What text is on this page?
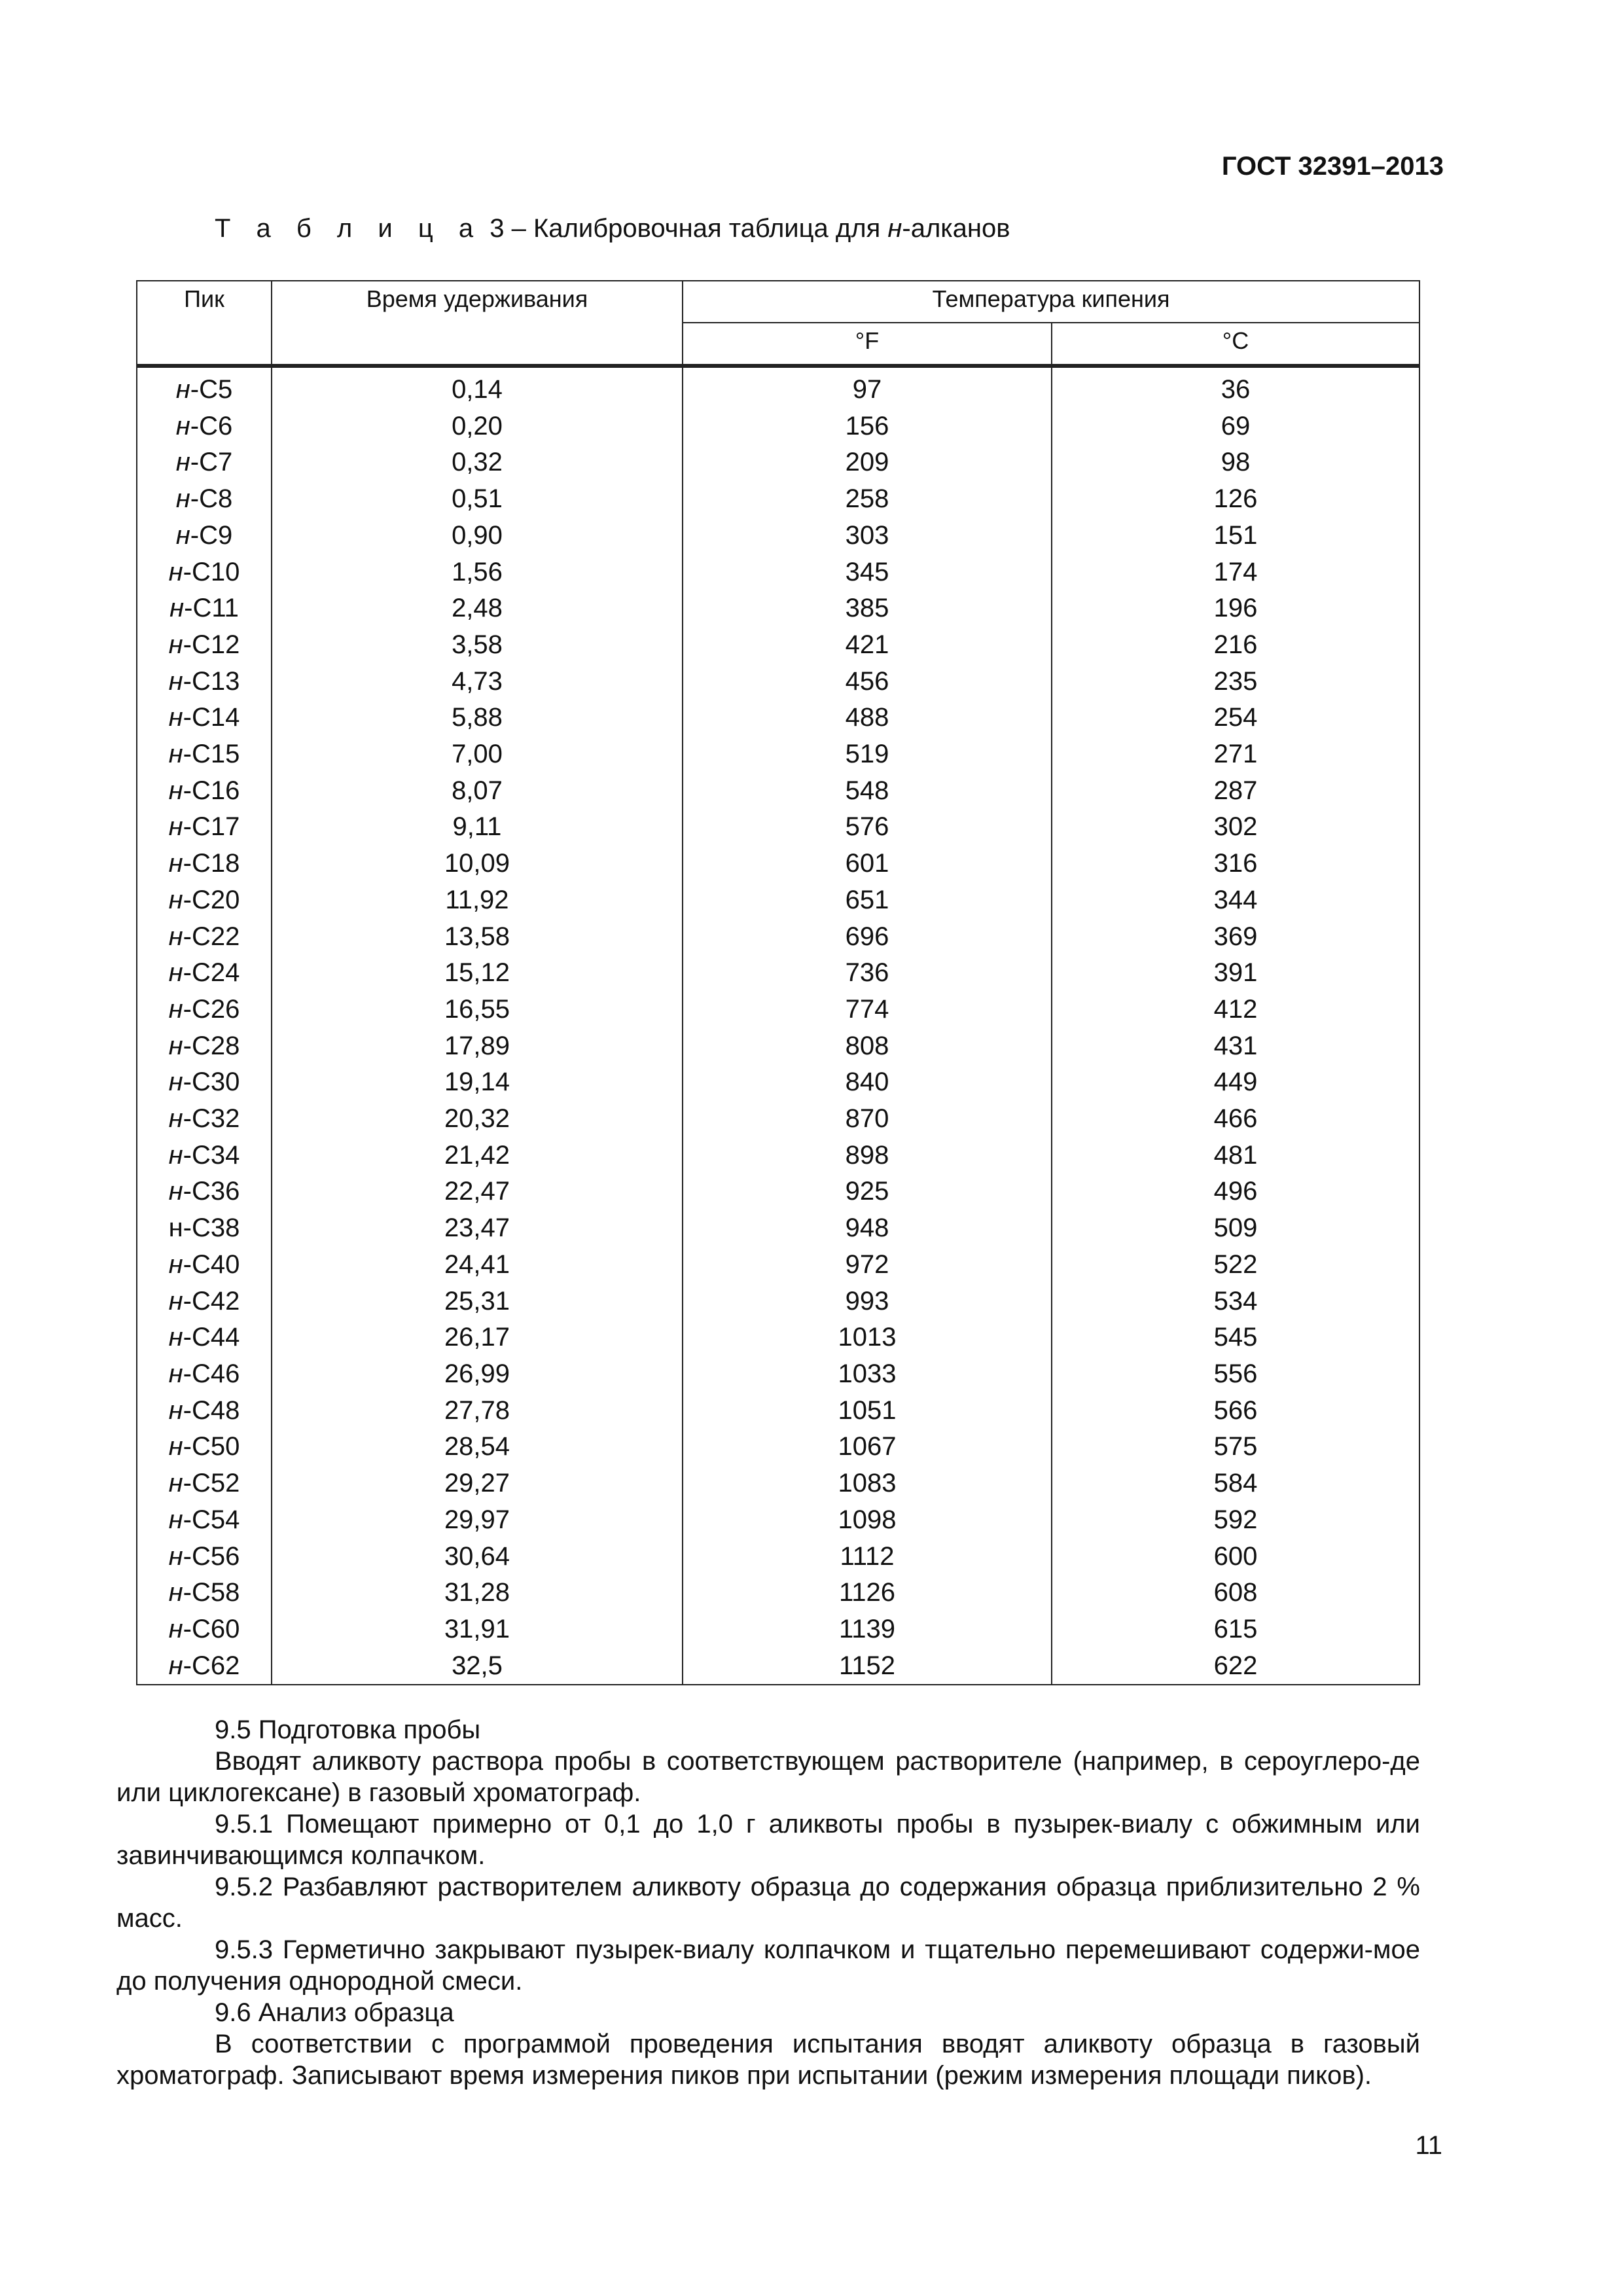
ГОСТ 32391–2013
Т а б л и ц а 3 – Калибровочная таблица для н-алканов
Пик	Время удерживания	Температура кипения	
		°F	°C
н-С5	0,14	97	36
н-С6	0,20	156	69
н-С7	0,32	209	98
н-С8	0,51	258	126
н-С9	0,90	303	151
н-С10	1,56	345	174
н-С11	2,48	385	196
н-С12	3,58	421	216
н-С13	4,73	456	235
н-С14	5,88	488	254
н-С15	7,00	519	271
н-С16	8,07	548	287
н-С17	9,11	576	302
н-С18	10,09	601	316
н-С20	11,92	651	344
н-С22	13,58	696	369
н-С24	15,12	736	391
н-С26	16,55	774	412
н-С28	17,89	808	431
н-С30	19,14	840	449
н-С32	20,32	870	466
н-С34	21,42	898	481
н-С36	22,47	925	496
н-С38	23,47	948	509
н-С40	24,41	972	522
н-С42	25,31	993	534
н-С44	26,17	1013	545
н-С46	26,99	1033	556
н-С48	27,78	1051	566
н-С50	28,54	1067	575
н-С52	29,27	1083	584
н-С54	29,97	1098	592
н-С56	30,64	1112	600
н-С58	31,28	1126	608
н-С60	31,91	1139	615
н-С62	32,5	1152	622

9.5 Подготовка пробы

Вводят аликвоту раствора пробы в соответствующем растворителе (например, в сероуглеро-де или циклогексане) в газовый хроматограф.

9.5.1 Помещают примерно от 0,1 до 1,0 г аликвоты пробы в пузырек-виалу с обжимным или завинчивающимся колпачком.

9.5.2 Разбавляют растворителем аликвоту образца до содержания образца приблизительно 2 % масс.

9.5.3 Герметично закрывают пузырек-виалу колпачком и тщательно перемешивают содержи-мое до получения однородной смеси.

9.6 Анализ образца

В соответствии с программой проведения испытания вводят аликвоту образца в газовый хроматограф. Записывают время измерения пиков при испытании (режим измерения площади пиков).

11
